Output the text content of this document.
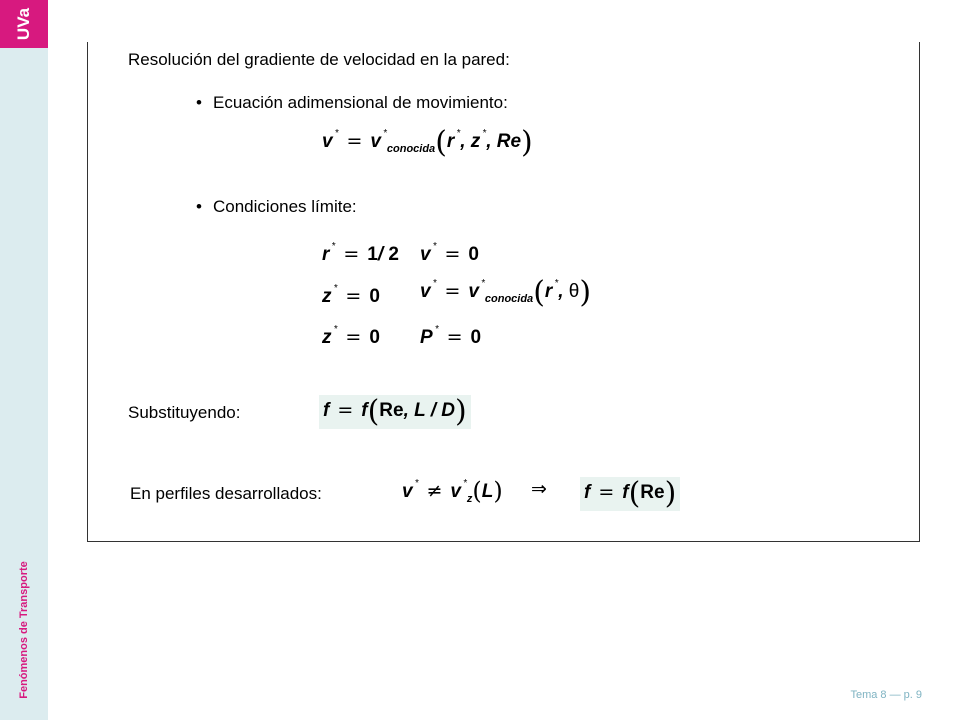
UVa
Fenómenos de Transporte
Resolución del gradiente de velocidad en la pared:
• Ecuación adimensional de movimiento:
v * = v *$_{conocida}$(r *, z *, Re)
• Condiciones límite:
r * = 1/ 2 v * = 0
z * = 0 v * = v *$_{conocida}$(r *, θ)
z * = 0 P * = 0
Substituyendo:	f = f(Re, L / D)
En perfiles desarrollados:	v * ≠ v *$_z$(L) ⇒ f = f(Re)
Tema 8 — p. 9
